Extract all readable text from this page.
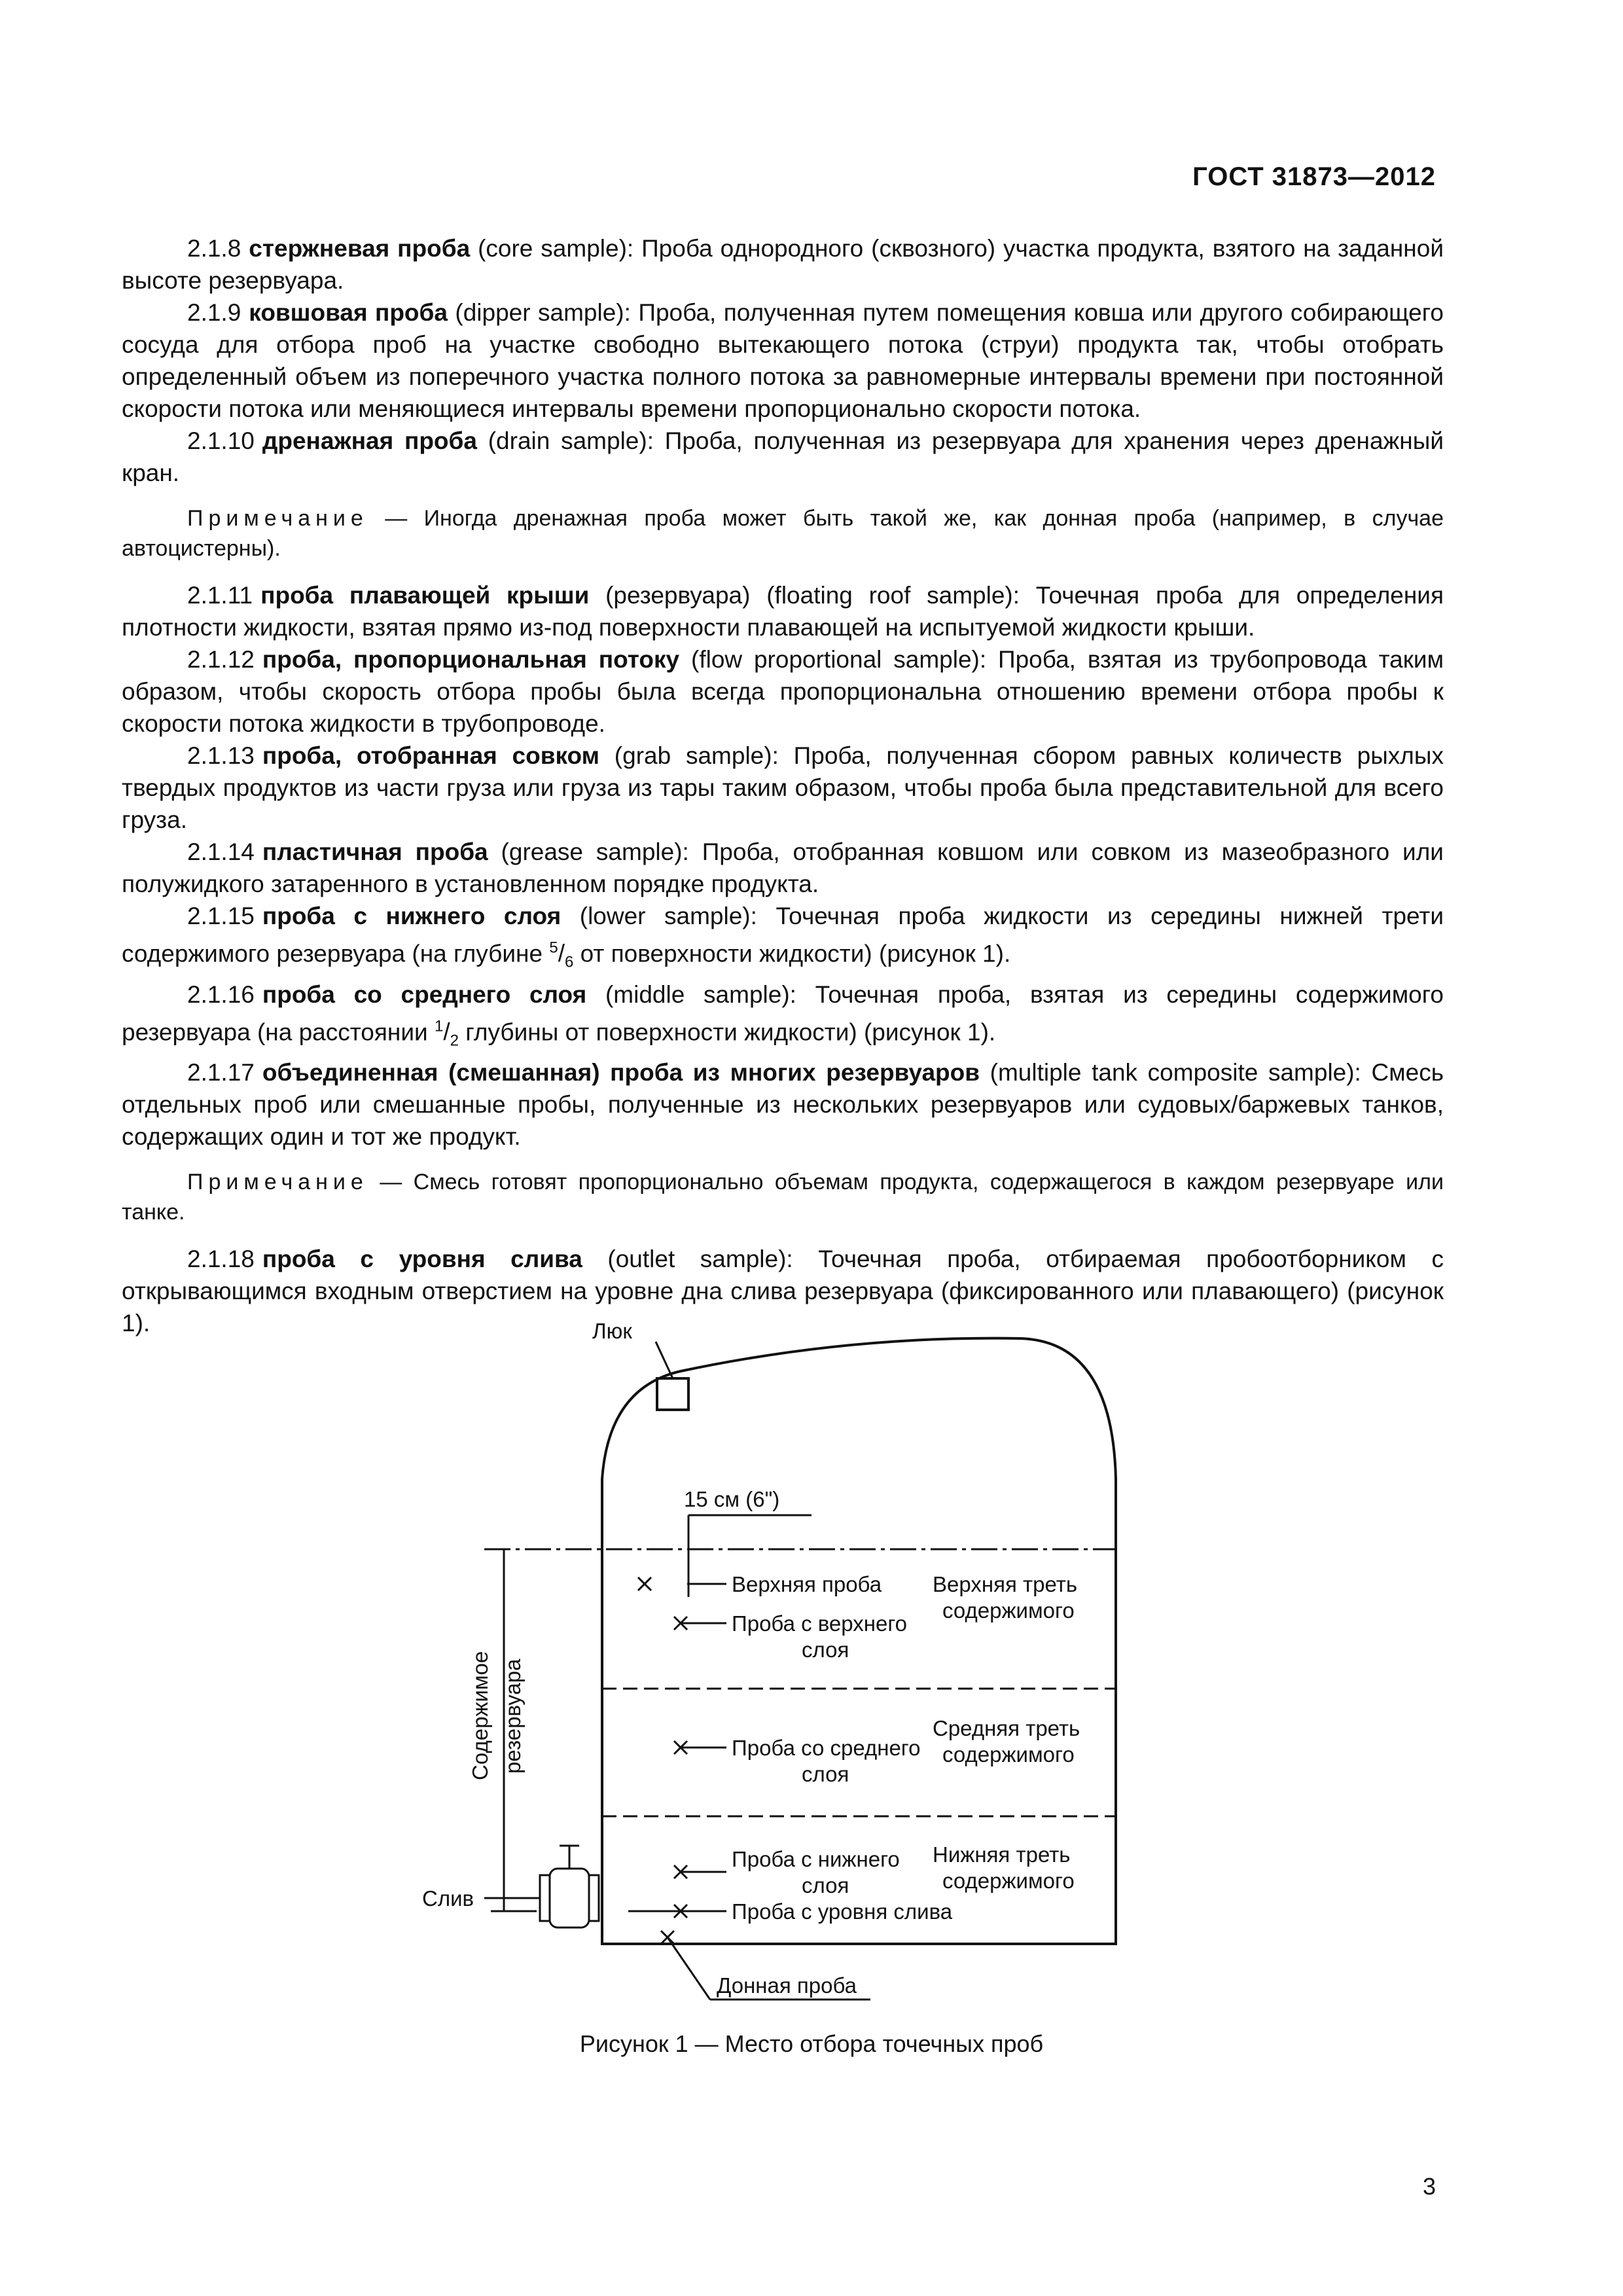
ГОСТ 31873—2012

2.1.8 стержневая проба (core sample): Проба однородного (сквозного) участка продукта, взятого на заданной высоте резервуара.

2.1.9 ковшовая проба (dipper sample): Проба, полученная путем помещения ковша или другого собирающего сосуда для отбора проб на участке свободно вытекающего потока (струи) продукта так, чтобы отобрать определенный объем из поперечного участка полного потока за равномерные интервалы времени при постоянной скорости потока или меняющиеся интервалы времени пропорционально скорости потока.

2.1.10 дренажная проба (drain sample): Проба, полученная из резервуара для хранения через дренажный кран.

Примечание — Иногда дренажная проба может быть такой же, как донная проба (например, в случае автоцистерны).

2.1.11 проба плавающей крыши (резервуара) (floating roof sample): Точечная проба для определения плотности жидкости, взятая прямо из-под поверхности плавающей на испытуемой жидкости крыши.

2.1.12 проба, пропорциональная потоку (flow proportional sample): Проба, взятая из трубопровода таким образом, чтобы скорость отбора пробы была всегда пропорциональна отношению времени отбора пробы к скорости потока жидкости в трубопроводе.

2.1.13 проба, отобранная совком (grab sample): Проба, полученная сбором равных количеств рыхлых твердых продуктов из части груза или груза из тары таким образом, чтобы проба была представительной для всего груза.

2.1.14 пластичная проба (grease sample): Проба, отобранная ковшом или совком из мазеобразного или полужидкого затаренного в установленном порядке продукта.

2.1.15 проба с нижнего слоя (lower sample): Точечная проба жидкости из середины нижней трети содержимого резервуара (на глубине $^5/_6$ от поверхности жидкости) (рисунок 1).

2.1.16 проба со среднего слоя (middle sample): Точечная проба, взятая из середины содержимого резервуара (на расстоянии $^1/_2$ глубины от поверхности жидкости) (рисунок 1).

2.1.17 объединенная (смешанная) проба из многих резервуаров (multiple tank composite sample): Смесь отдельных проб или смешанные пробы, полученные из нескольких резервуаров или судовых/баржевых танков, содержащих один и тот же продукт.

Примечание — Смесь готовят пропорционально объемам продукта, содержащегося в каждом резервуаре или танке.

2.1.18 проба с уровня слива (outlet sample): Точечная проба, отбираемая пробоотборником с открывающимся входным отверстием на уровне дна слива резервуара (фиксированного или плавающего) (рисунок 1).	Люк
15 см (6")
Верхняя проба
Проба с верхнего
слоя
Верхняя треть
содержимого
Проба со среднего
слоя
Средняя треть
содержимого
Проба с нижнего
слоя
Нижняя треть
содержимого
Проба с уровня слива
Донная проба
Слив
Содержимое резервуара
Рисунок 1 — Место отбора точечных проб
3
